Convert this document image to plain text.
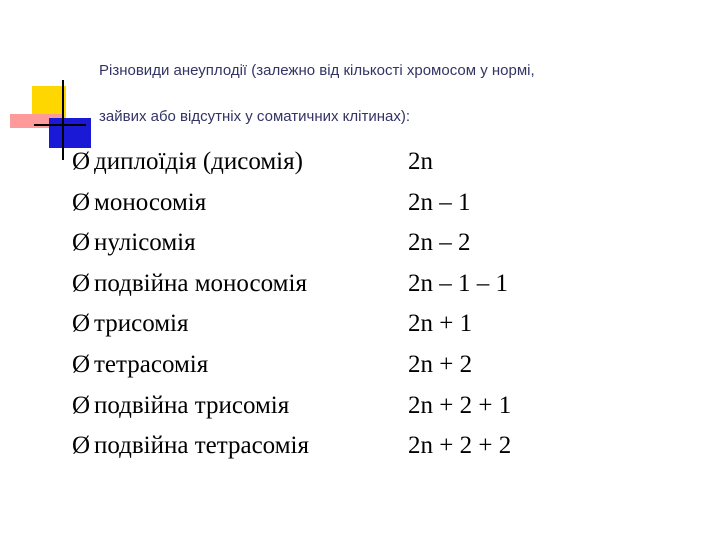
Різновиди анеуплодії (залежно від кількості хромосом у нормі,
зайвих або відсутніх у соматичних клітинах):
Ø диплоїдія (дисомія)	2n
Ø моносомія	2n – 1
Ø нулісомія	2n – 2
Ø подвійна моносомія	2n – 1 – 1
Ø трисомія	2n + 1
Ø тетрасомія	2n + 2
Ø подвійна трисомія	2n + 2 + 1
Ø подвійна тетрасомія	2n + 2 + 2
